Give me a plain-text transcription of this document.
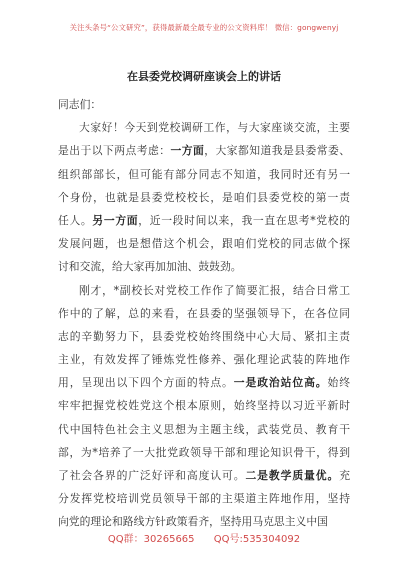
关注头条号“公文研究”，获得最新最全最专业的公文资料库！ 微信：gongwenyj
在县委党校调研座谈会上的讲话
同志们：
大家好！今天到党校调研工作，与大家座谈交流，主要
是出于以下两点考虑：一方面，大家都知道我是县委常委、
组织部部长，但可能有部分同志不知道，我同时还有另一
个身份，也就是县委党校校长，是咱们县委党校的第一责
任人。另一方面，近一段时间以来，我一直在思考*党校的
发展问题，也是想借这个机会，跟咱们党校的同志做个探
讨和交流，给大家再加加油、鼓鼓劲。
刚才，*副校长对党校工作作了简要汇报，结合日常工
作中的了解，总的来看，在县委的坚强领导下，在各位同
志的辛勤努力下，县委党校始终围绕中心大局、紧扣主责
主业，有效发挥了锤炼党性修养、强化理论武装的阵地作
用，呈现出以下四个方面的特点。一是政治站位高。始终
牢牢把握党校姓党这个根本原则，始终坚持以习近平新时
代中国特色社会主义思想为主题主线，武装党员、教育干
部，为*培养了一大批党政领导干部和理论知识骨干，得到
了社会各界的广泛好评和高度认可。二是教学质量优。充
分发挥党校培训党员领导干部的主渠道主阵地作用，坚持
向党的理论和路线方针政策看齐，坚持用马克思主义中国
QQ群：30265665 QQ号:535304092
